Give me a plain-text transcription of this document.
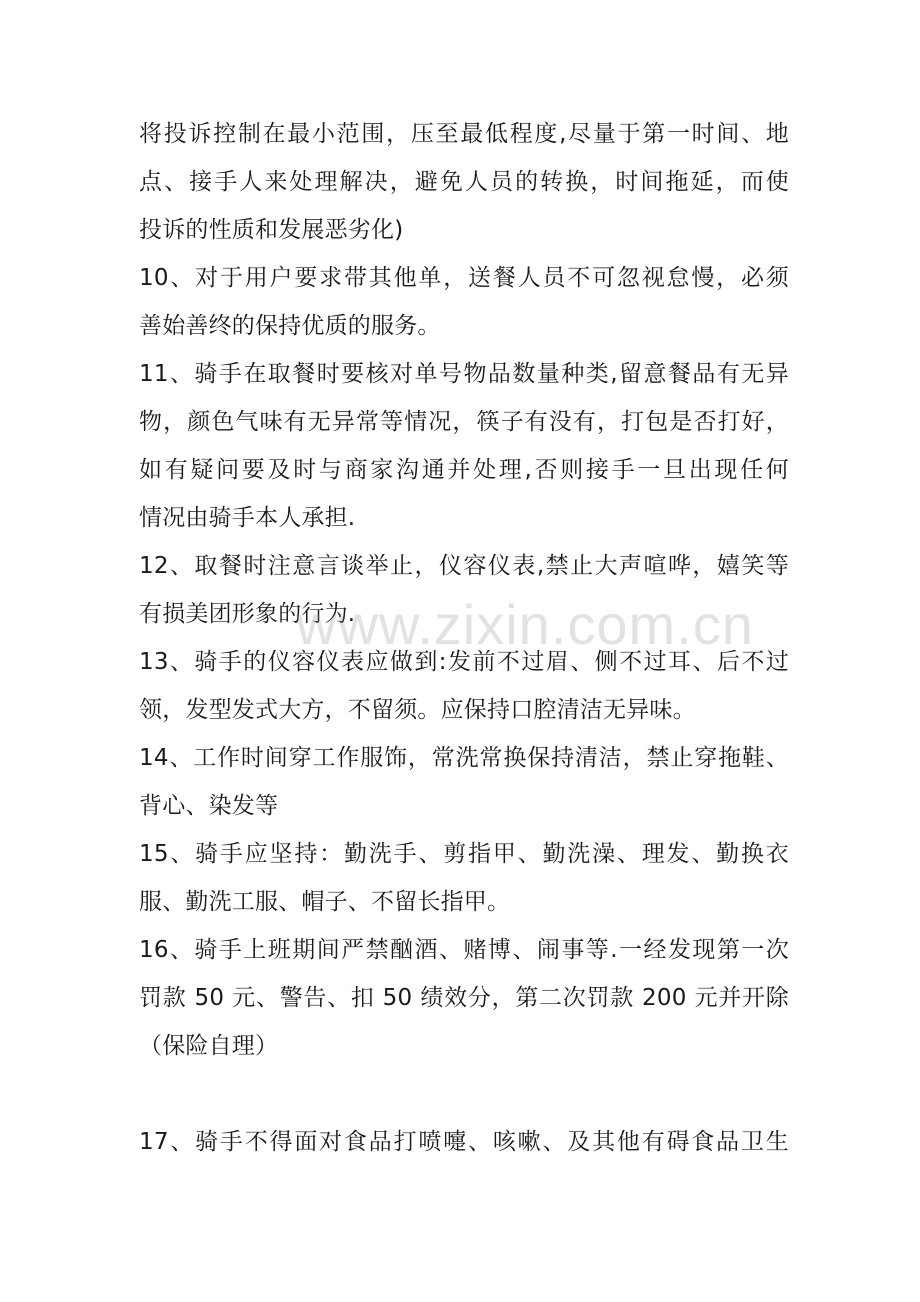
将投诉控制在最小范围，压至最低程度,尽量于第一时间、地
点、接手人来处理解决，避免人员的转换，时间拖延，而使
投诉的性质和发展恶劣化)
10、对于用户要求带其他单，送餐人员不可忽视怠慢，必须
善始善终的保持优质的服务。
11、骑手在取餐时要核对单号物品数量种类,留意餐品有无异
物，颜色气味有无异常等情况，筷子有没有，打包是否打好，
如有疑问要及时与商家沟通并处理,否则接手一旦出现任何
情况由骑手本人承担.
12、取餐时注意言谈举止，仪容仪表,禁止大声喧哗，嬉笑等
有损美团形象的行为.
13、骑手的仪容仪表应做到:发前不过眉、侧不过耳、后不过
领，发型发式大方，不留须。应保持口腔清洁无异味。
14、工作时间穿工作服饰，常洗常换保持清洁，禁止穿拖鞋、
背心、染发等
15、骑手应坚持：勤洗手、剪指甲、勤洗澡、理发、勤换衣
服、勤洗工服、帽子、不留长指甲。
16、骑手上班期间严禁酗酒、赌博、闹事等.一经发现第一次
罚款 50 元、警告、扣 50 绩效分，第二次罚款 200 元并开除
（保险自理）
17、骑手不得面对食品打喷嚏、咳嗽、及其他有碍食品卫生
www.zixin.com.cn
